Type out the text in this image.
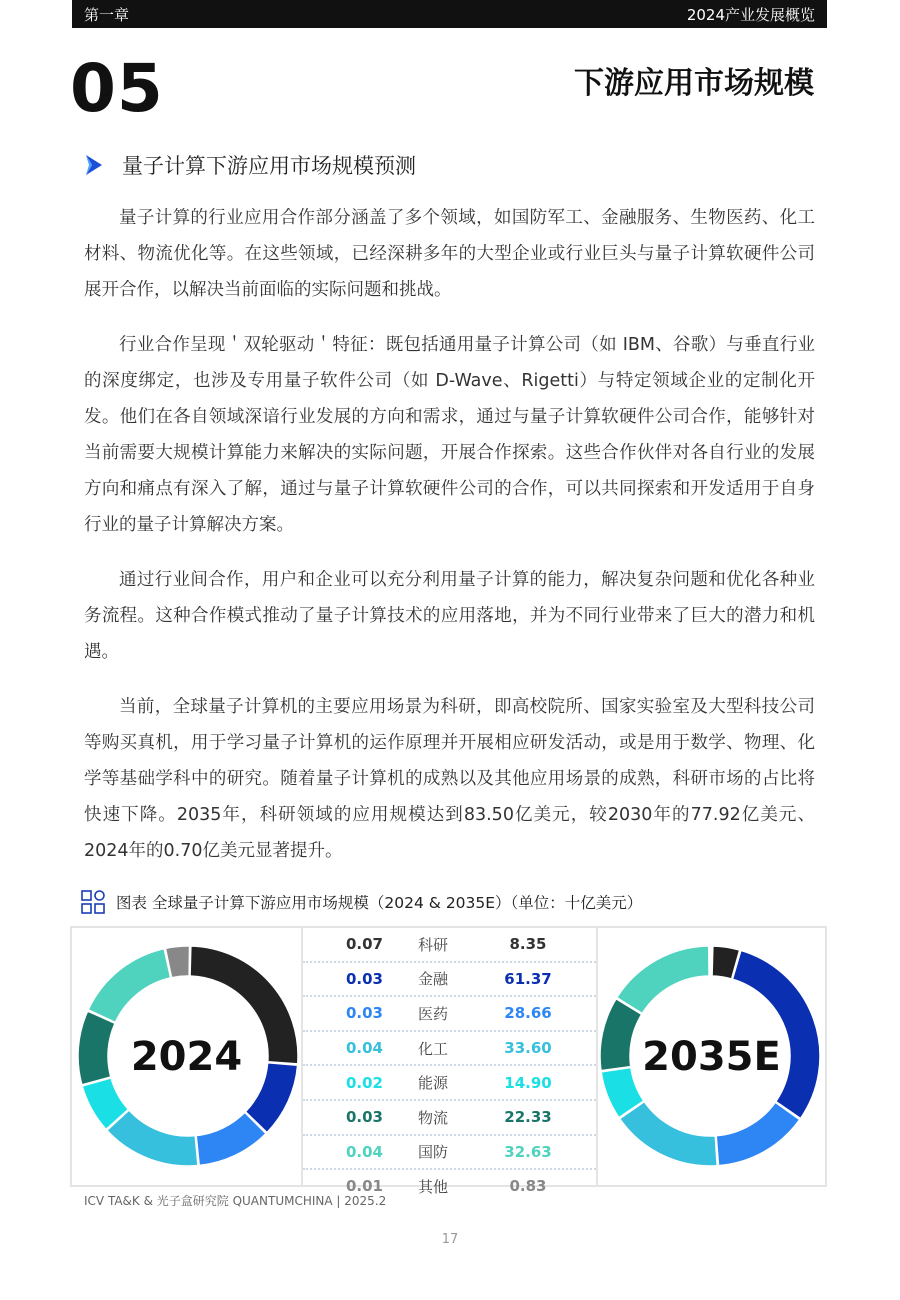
第一章	2024产业发展概览
05	下游应用市场规模
量子计算下游应用市场规模预测

量子计算的行业应用合作部分涵盖了多个领域，如国防军工、金融服务、生物医药、化工材料、物流优化等。在这些领域，已经深耕多年的大型企业或行业巨头与量子计算软硬件公司展开合作，以解决当前面临的实际问题和挑战。

行业合作呈现＇双轮驱动＇特征：既包括通用量子计算公司（如 IBM、谷歌）与垂直行业的深度绑定，也涉及专用量子软件公司（如 D-Wave、Rigetti）与特定领域企业的定制化开发。他们在各自领域深谙行业发展的方向和需求，通过与量子计算软硬件公司合作，能够针对当前需要大规模计算能力来解决的实际问题，开展合作探索。这些合作伙伴对各自行业的发展方向和痛点有深入了解，通过与量子计算软硬件公司的合作，可以共同探索和开发适用于自身行业的量子计算解决方案。

通过行业间合作，用户和企业可以充分利用量子计算的能力，解决复杂问题和优化各种业务流程。这种合作模式推动了量子计算技术的应用落地，并为不同行业带来了巨大的潜力和机遇。

当前，全球量子计算机的主要应用场景为科研，即高校院所、国家实验室及大型科技公司等购买真机，用于学习量子计算机的运作原理并开展相应研发活动，或是用于数学、物理、化学等基础学科中的研究。随着量子计算机的成熟以及其他应用场景的成熟，科研市场的占比将快速下降。2035年，科研领域的应用规模达到83.50亿美元，较2030年的77.92亿美元、2024年的0.70亿美元显著提升。

图表 全球量子计算下游应用市场规模（2024 & 2035E）（单位：十亿美元）
2024
0.07	科研	8.35
0.03	金融	61.37
0.03	医药	28.66
0.04	化工	33.60
0.02	能源	14.90
0.03	物流	22.33
0.04	国防	32.63
0.01	其他	0.83
2035E
ICV TA&K & 光子盒研究院 QUANTUMCHINA | 2025.2
17
